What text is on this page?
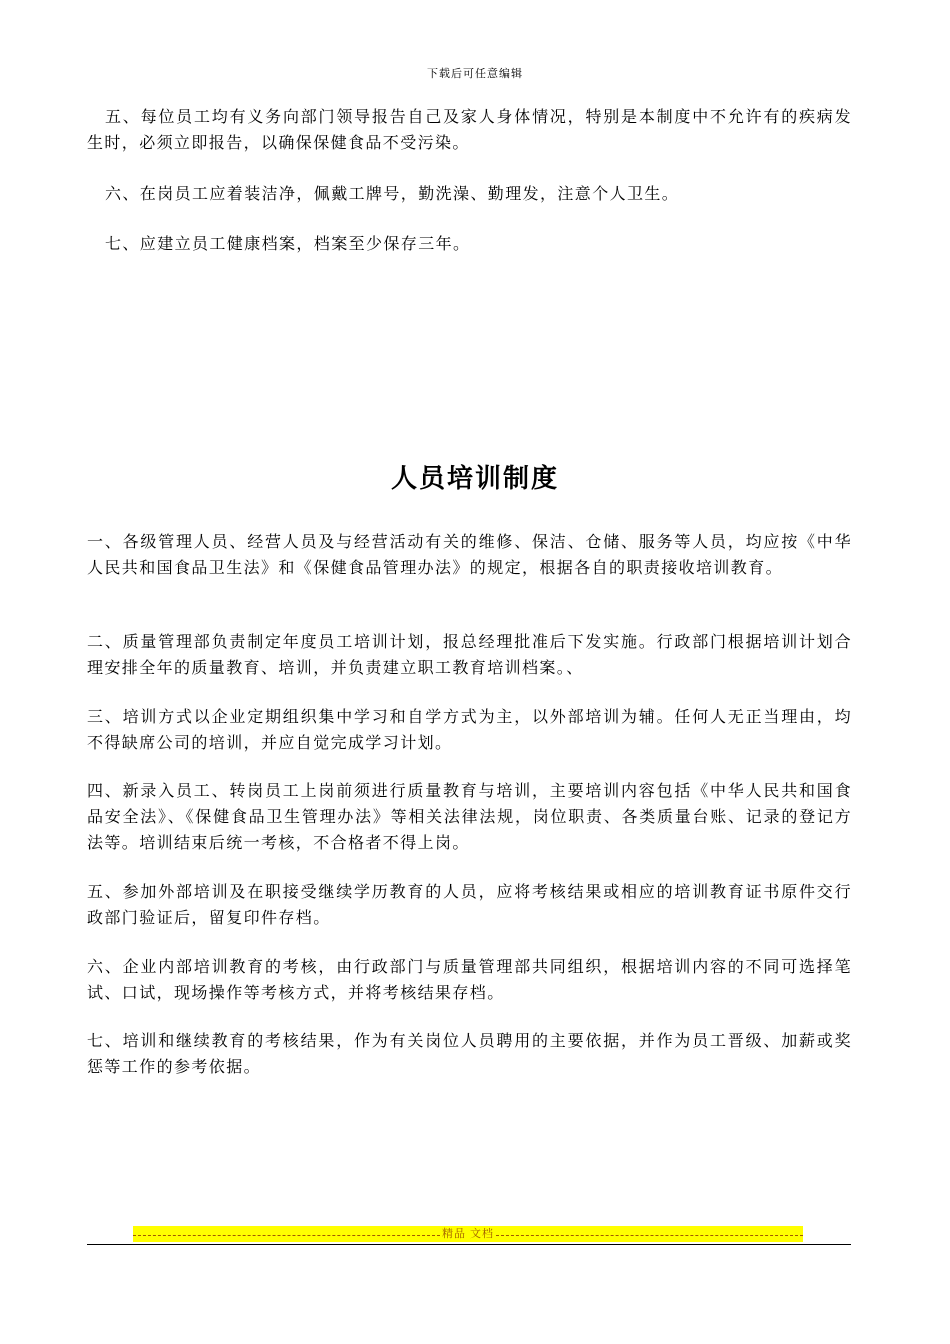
下载后可任意编辑

五、每位员工均有义务向部门领导报告自己及家人身体情况，特别是本制度中不允许有的疾病发生时，必须立即报告，以确保保健食品不受污染。

六、在岗员工应着装洁净，佩戴工牌号，勤洗澡、勤理发，注意个人卫生。

七、应建立员工健康档案，档案至少保存三年。

人员培训制度

一、各级管理人员、经营人员及与经营活动有关的维修、保洁、仓储、服务等人员，均应按《中华人民共和国食品卫生法》和《保健食品管理办法》的规定，根据各自的职责接收培训教育。

二、质量管理部负责制定年度员工培训计划，报总经理批准后下发实施。行政部门根据培训计划合理安排全年的质量教育、培训，并负责建立职工教育培训档案。、

三、培训方式以企业定期组织集中学习和自学方式为主，以外部培训为辅。任何人无正当理由，均不得缺席公司的培训，并应自觉完成学习计划。

四、新录入员工、转岗员工上岗前须进行质量教育与培训，主要培训内容包括《中华人民共和国食品安全法》、《保健食品卫生管理办法》等相关法律法规，岗位职责、各类质量台账、记录的登记方法等。培训结束后统一考核，不合格者不得上岗。

五、参加外部培训及在职接受继续学历教育的人员，应将考核结果或相应的培训教育证书原件交行政部门验证后，留复印件存档。

六、企业内部培训教育的考核，由行政部门与质量管理部共同组织，根据培训内容的不同可选择笔试、口试，现场操作等考核方式，并将考核结果存档。

七、培训和继续教育的考核结果，作为有关岗位人员聘用的主要依据，并作为员工晋级、加薪或奖惩等工作的参考依据。

精品 文档
